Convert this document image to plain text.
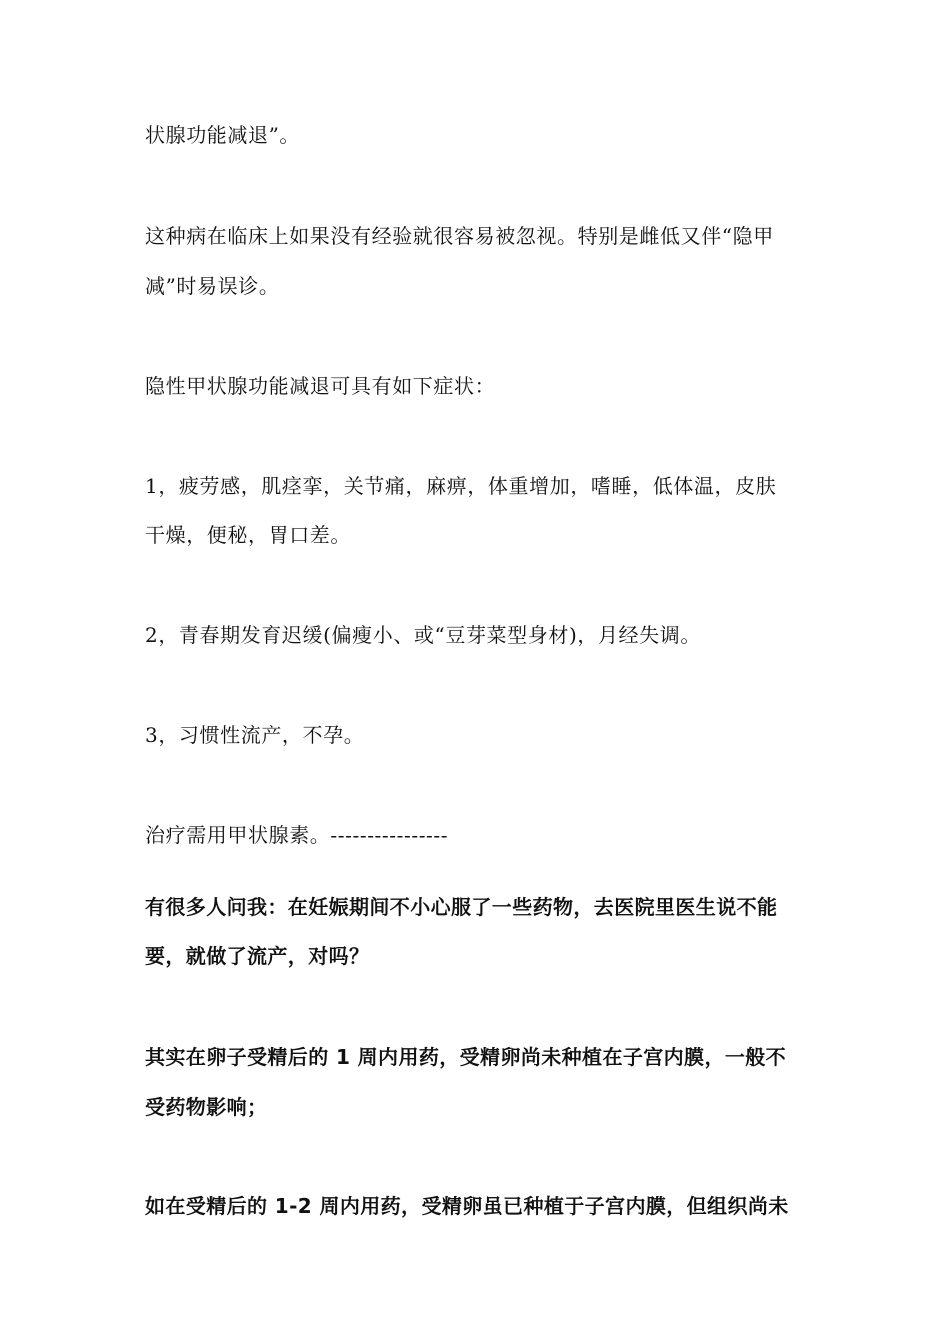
状腺功能减退”。
这种病在临床上如果没有经验就很容易被忽视。特别是雌低又伴“隐甲
减”时易误诊。
隐性甲状腺功能减退可具有如下症状：
1，疲劳感，肌痉挛，关节痛，麻痹，体重增加，嗜睡，低体温，皮肤
干燥，便秘，胃口差。
2，青春期发育迟缓(偏瘦小、或“豆芽菜型身材)，月经失调。
3，习惯性流产，不孕。
治疗需用甲状腺素。----------------
有很多人问我：在妊娠期间不小心服了一些药物，去医院里医生说不能
要，就做了流产，对吗？
其实在卵子受精后的 1 周内用药，受精卵尚未种植在子宫内膜，一般不
受药物影响；
如在受精后的 1-2 周内用药，受精卵虽已种植于子宫内膜，但组织尚未
